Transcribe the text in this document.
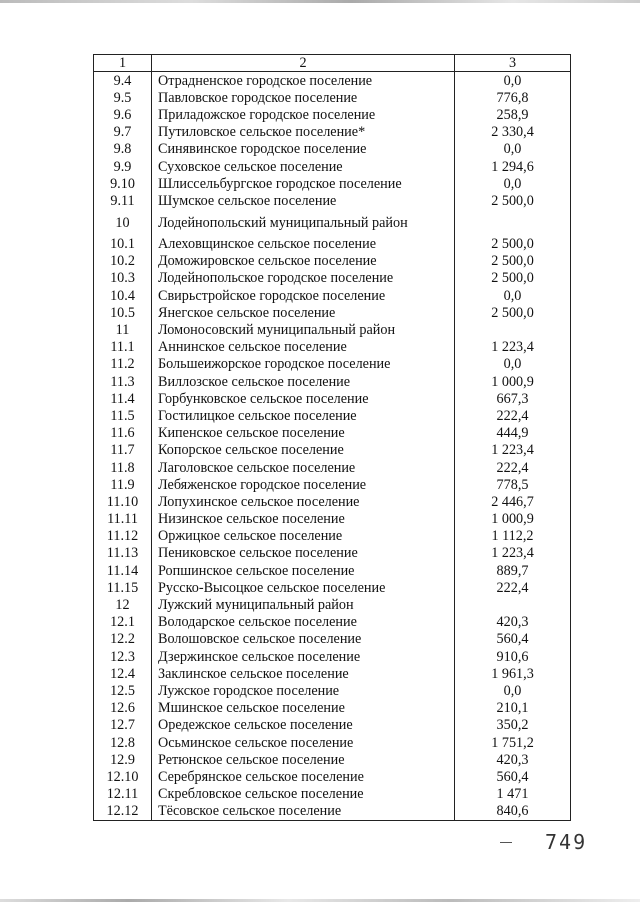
1	2	3
9.4	Отрадненское городское поселение	0,0
9.5	Павловское городское поселение	776,8
9.6	Приладожское городское поселение	258,9
9.7	Путиловское сельское поселение*	2 330,4
9.8	Синявинское городское поселение	0,0
9.9	Суховское сельское поселение	1 294,6
9.10	Шлиссельбургское городское поселение	0,0
9.11	Шумское сельское поселение	2 500,0
10	Лодейнопольский муниципальный район	
10.1	Алеховщинское сельское поселение	2 500,0
10.2	Доможировское сельское поселение	2 500,0
10.3	Лодейнопольское городское поселение	2 500,0
10.4	Свирьстройское городское поселение	0,0
10.5	Янегское сельское поселение	2 500,0
11	Ломоносовский муниципальный район	
11.1	Аннинское сельское поселение	1 223,4
11.2	Большеижорское городское поселение	0,0
11.3	Виллозское сельское поселение	1 000,9
11.4	Горбунковское сельское поселение	667,3
11.5	Гостилицкое сельское поселение	222,4
11.6	Кипенское сельское поселение	444,9
11.7	Копорское сельское поселение	1 223,4
11.8	Лаголовское сельское поселение	222,4
11.9	Лебяженское городское поселение	778,5
11.10	Лопухинское сельское поселение	2 446,7
11.11	Низинское сельское поселение	1 000,9
11.12	Оржицкое сельское поселение	1 112,2
11.13	Пениковское сельское поселение	1 223,4
11.14	Ропшинское сельское поселение	889,7
11.15	Русско-Высоцкое сельское поселение	222,4
12	Лужский муниципальный район	
12.1	Володарское сельское поселение	420,3
12.2	Волошовское сельское поселение	560,4
12.3	Дзержинское сельское поселение	910,6
12.4	Заклинское сельское поселение	1 961,3
12.5	Лужское городское поселение	0,0
12.6	Мшинское сельское поселение	210,1
12.7	Оредежское сельское поселение	350,2
12.8	Осьминское сельское поселение	1 751,2
12.9	Ретюнское сельское поселение	420,3
12.10	Серебрянское сельское поселение	560,4
12.11	Скребловское сельское поселение	1 471
12.12	Тёсовское сельское поселение	840,6
749
